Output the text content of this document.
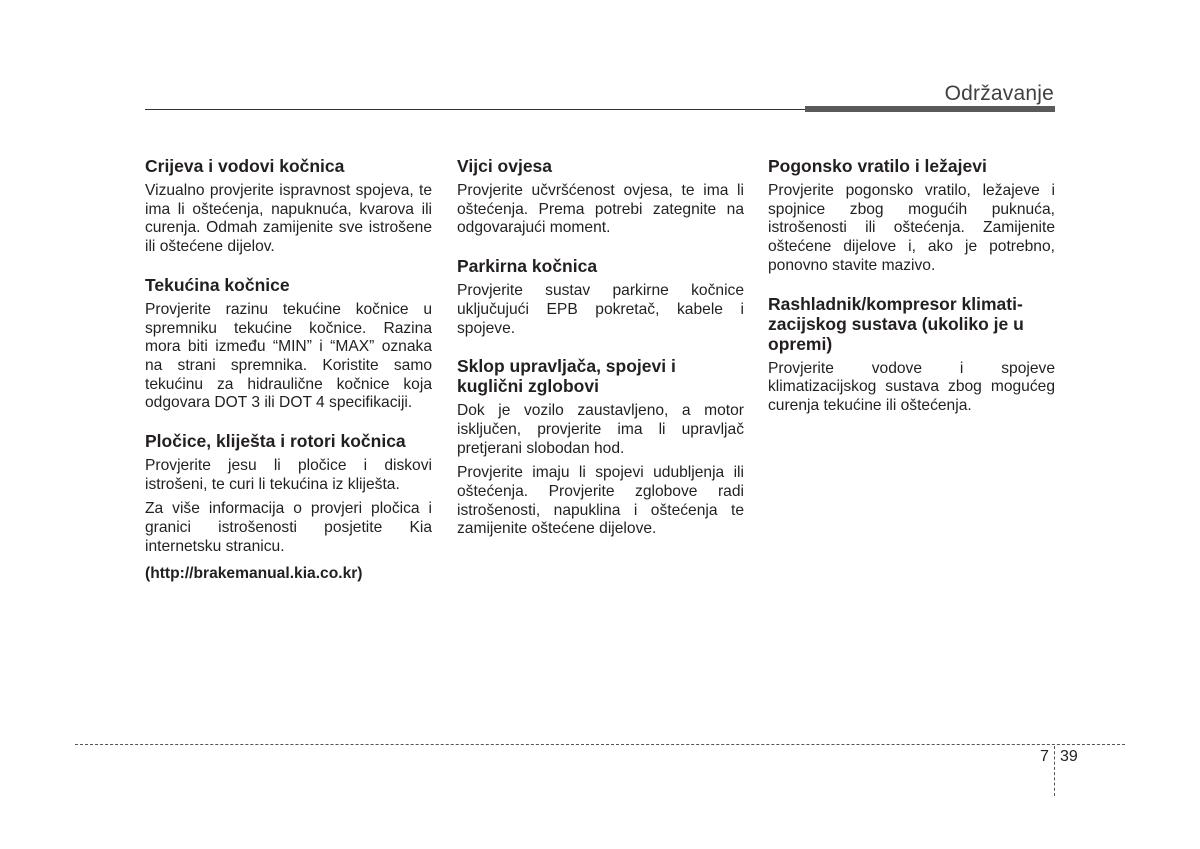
Održavanje
Crijeva i vodovi kočnica

Vizualno provjerite ispravnost spojeva, te ima li oštećenja, napuknuća, kvarova ili curenja. Odmah zamijenite sve istrošene ili oštećene dijelov.

Tekućina kočnice

Provjerite razinu tekućine kočnice u spremniku tekućine kočnice. Razina mora biti između “MIN” i “MAX” oznaka na strani spremnika. Koristite samo tekućinu za hidraulične kočnice koja odgovara DOT 3 ili DOT 4 specifikaciji.

Pločice, kliješta i rotori kočnica

Provjerite jesu li pločice i diskovi istrošeni, te curi li tekućina iz kliješta.

Za više informacija o provjeri pločica i granici istrošenosti posjetite Kia internetsku stranicu.

(http://brakemanual.kia.co.kr)

Vijci ovjesa

Provjerite učvršćenost ovjesa, te ima li oštećenja. Prema potrebi zategnite na odgovarajući moment.

Parkirna kočnica

Provjerite sustav parkirne kočnice uključujući EPB pokretač, kabele i spojeve.

Sklop upravljača, spojevi i kuglični zglobovi

Dok je vozilo zaustavljeno, a motor isključen, provjerite ima li upravljač pretjerani slobodan hod.

Provjerite imaju li spojevi udubljenja ili oštećenja. Provjerite zglobove radi istrošenosti, napuklina i oštećenja te zamijenite oštećene dijelove.

Pogonsko vratilo i ležajevi

Provjerite pogonsko vratilo, ležajeve i spojnice zbog mogućih puknuća, istrošenosti ili oštećenja. Zamijenite oštećene dijelove i, ako je potrebno, ponovno stavite mazivo.

Rashladnik/kompresor klimati-zacijskog sustava (ukoliko je u opremi)

Provjerite vodove i spojeve klimatizacijskog sustava zbog mogućeg curenja tekućine ili oštećenja.

7 39
